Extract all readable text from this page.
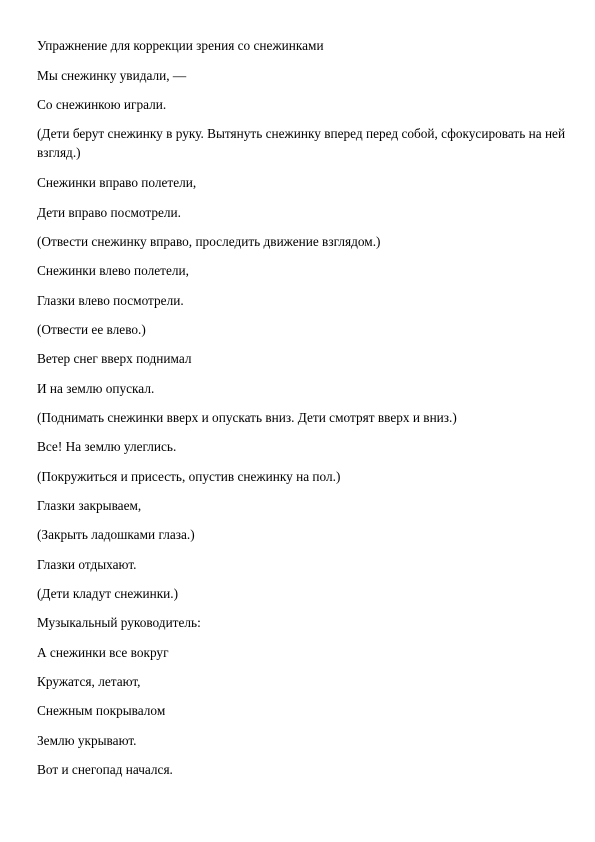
Упражнение для коррекции зрения со снежинками

Мы снежинку увидали, —

Со снежинкою играли.

(Дети берут снежинку в руку. Вытянуть снежинку вперед перед собой, сфокусировать на ней взгляд.)

Снежинки вправо полетели,

Дети вправо посмотрели.

(Отвести снежинку вправо, проследить движение взглядом.)

Снежинки влево полетели,

Глазки влево посмотрели.

(Отвести ее влево.)

Ветер снег вверх поднимал

И на землю опускал.

(Поднимать снежинки вверх и опускать вниз. Дети смотрят вверх и вниз.)

Все! На землю улеглись.

(Покружиться и присесть, опустив снежинку на пол.)

Глазки закрываем,

(Закрыть ладошками глаза.)

Глазки отдыхают.

(Дети кладут снежинки.)

Музыкальный руководитель:

А снежинки все вокруг

Кружатся, летают,

Снежным покрывалом

Землю укрывают.

Вот и снегопад начался.
